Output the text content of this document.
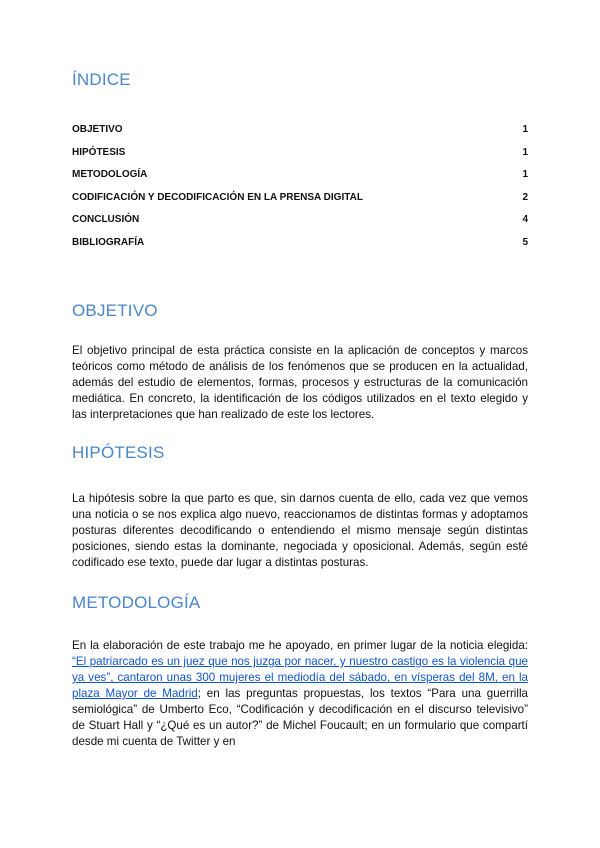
ÍNDICE
OBJETIVO	1
HIPÓTESIS	1
METODOLOGÍA	1
CODIFICACIÓN Y DECODIFICACIÓN EN LA PRENSA DIGITAL	2
CONCLUSIÓN	4
BIBLIOGRAFÍA	5
OBJETIVO

El objetivo principal de esta práctica consiste en la aplicación de conceptos y marcos teóricos como método de análisis de los fenómenos que se producen en la actualidad, además del estudio de elementos, formas, procesos y estructuras de la comunicación mediática. En concreto, la identificación de los códigos utilizados en el texto elegido y las interpretaciones que han realizado de este los lectores.

HIPÓTESIS

La hipótesis sobre la que parto es que, sin darnos cuenta de ello, cada vez que vemos una noticia o se nos explica algo nuevo, reaccionamos de distintas formas y adoptamos posturas diferentes decodificando o entendiendo el mismo mensaje según distintas posiciones, siendo estas la dominante, negociada y oposicional. Además, según esté codificado ese texto, puede dar lugar a distintas posturas.

METODOLOGÍA

En la elaboración de este trabajo me he apoyado, en primer lugar de la noticia elegida: “El patriarcado es un juez que nos juzga por nacer, y nuestro castigo es la violencia que ya ves”, cantaron unas 300 mujeres el mediodía del sábado, en vísperas del 8M, en la plaza Mayor de Madrid; en las preguntas propuestas, los textos “Para una guerrilla semiológica” de Umberto Eco, “Codificación y decodificación en el discurso televisivo” de Stuart Hall y “¿Qué es un autor?” de Michel Foucault; en un formulario que compartí desde mi cuenta de Twitter y en
